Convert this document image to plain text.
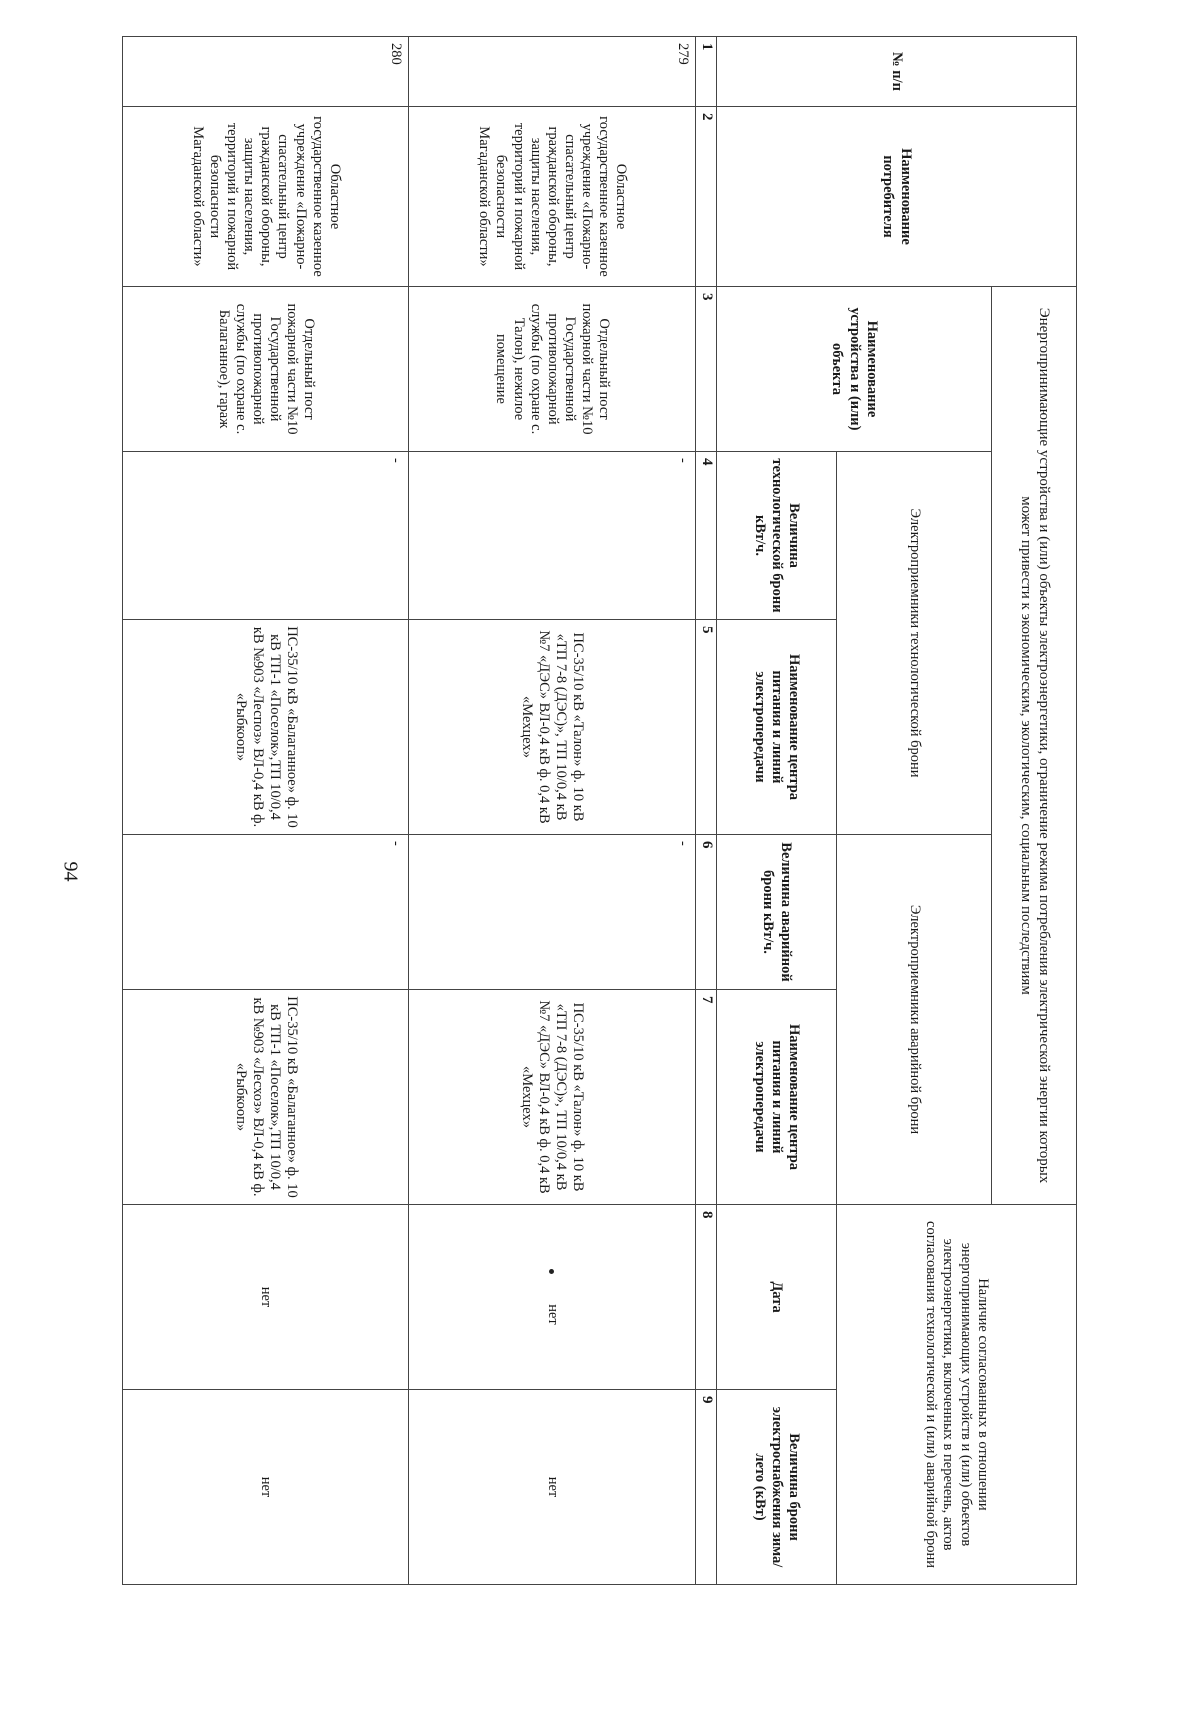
94
№ п/п	Наименование потребителя	Энергопринимающие устройства и (или) объекты электроэнергетики, ограничение режима потребления электрической энергии которых может привести к экономическим, экологическим, социальным последствиям					Наличие согласованных в отношении энергопринимающих устройств и (или) объектов электроэнергетики, включенных в перечень, актов согласования технологической и (или) аварийной брони	
		Наименование устройства и (или) объекта	Электроприемники технологической брони		Электроприемники аварийной брони			
			Величина технологической брони кВт/ч.	Наименование центра питания и линий электропередачи	Величина аварийной брони кВт/ч.	Наименование центра питания и линий электропередачи	Дата	Величина брони электроснабжения зима/лето (кВт)
1	2	3	4	5	6	7	8	9
279	Областное государственное казенное учреждение «Пожарно-спасательный центр гражданской обороны, защиты населения, территорий и пожарной безопасности Магаданской области»	Отдельный пост пожарной части №10 Государственной противопожарной службы (по охране с. Талон), нежилое помещение	-	ПС-35/10 кВ «Талон» ф. 10 кВ «ТП 7-8 (ДЭС)», ТП 10/0,4 кВ №7 «ДЭС» ВЛ-0,4 кВ ф. 0,4 кВ «Мехцех»	-	ПС-35/10 кВ «Талон» ф. 10 кВ «ТП 7-8 (ДЭС)», ТП 10/0,4 кВ №7 «ДЭС» ВЛ-0,4 кВ ф. 0,4 кВ «Мехцех»	нет	нет
280	Областное государственное казенное учреждение «Пожарно-спасательный центр гражданской обороны, защиты населения, территорий и пожарной безопасности Магаданской области»	Отдельный пост пожарной части №10 Государственной противопожарной службы (по охране с. Балаганное), гараж	-	ПС-35/10 кВ «Балаганное» ф. 10 кВ ТП-1 «Поселок»,ТП 10/0,4 кВ №903 «Леспоз» ВЛ-0,4 кВ ф. «Рыбкооп»	-	ПС-35/10 кВ «Балаганное» ф. 10 кВ ТП-1 «Поселок»,ТП 10/0,4 кВ №903 «Лесхоз» ВЛ-0,4 кВ ф. «Рыбкооп»	нет	нет
